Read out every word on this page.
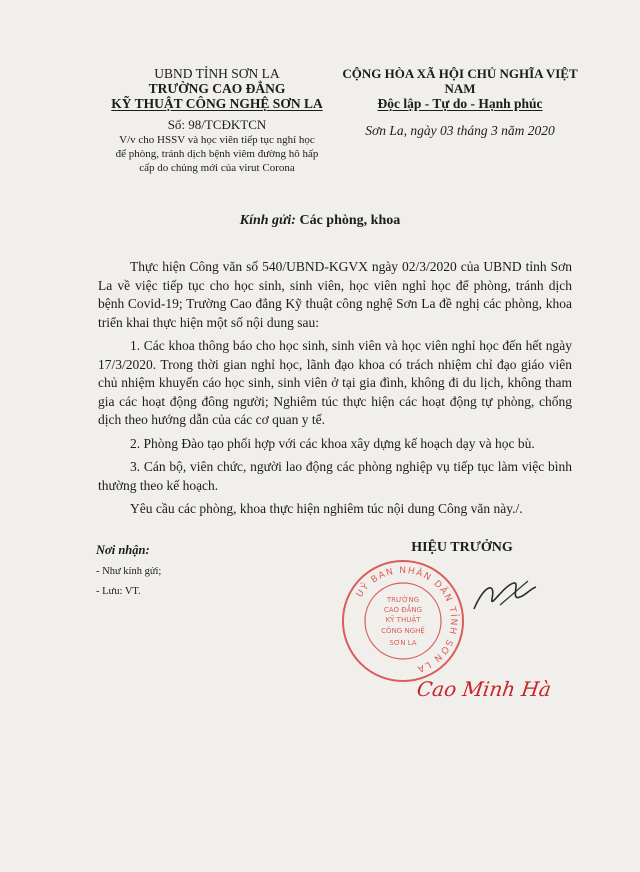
UBND TỈNH SƠN LA
TRƯỜNG CAO ĐẲNG
KỸ THUẬT CÔNG NGHỆ SƠN LA
Số: 98/TCĐKTCN
V/v cho HSSV và học viên tiếp tục nghỉ học
để phòng, tránh dịch bệnh viêm đường hô hấp
cấp do chủng mới của virut Corona
CỘNG HÒA XÃ HỘI CHỦ NGHĨA VIỆT NAM
Độc lập - Tự do - Hạnh phúc
Sơn La, ngày 03 tháng 3 năm 2020
Kính gửi: Các phòng, khoa

Thực hiện Công văn số 540/UBND-KGVX ngày 02/3/2020 của UBND tỉnh Sơn La về việc tiếp tục cho học sinh, sinh viên, học viên nghỉ học để phòng, tránh dịch bệnh Covid-19; Trường Cao đẳng Kỹ thuật công nghệ Sơn La đề nghị các phòng, khoa triển khai thực hiện một số nội dung sau:

1. Các khoa thông báo cho học sinh, sinh viên và học viên nghỉ học đến hết ngày 17/3/2020. Trong thời gian nghỉ học, lãnh đạo khoa có trách nhiệm chỉ đạo giáo viên chủ nhiệm khuyến cáo học sinh, sinh viên ở tại gia đình, không đi du lịch, không tham gia các hoạt động đông người; Nghiêm túc thực hiện các hoạt động tự phòng, chống dịch theo hướng dẫn của các cơ quan y tế.

2. Phòng Đào tạo phối hợp với các khoa xây dựng kế hoạch dạy và học bù.

3. Cán bộ, viên chức, người lao động các phòng nghiệp vụ tiếp tục làm việc bình thường theo kế hoạch.

Yêu cầu các phòng, khoa thực hiện nghiêm túc nội dung Công văn này./.

Nơi nhận:
- Như kính gửi;
- Lưu: VT.
HIỆU TRƯỞNG
UỶ BAN NHÂN DÂN TỈNH SƠN LA
TRƯỜNG
CAO ĐẲNG
KỸ THUẬT
CÔNG NGHỆ
SƠN LA
Cao Minh Hà
